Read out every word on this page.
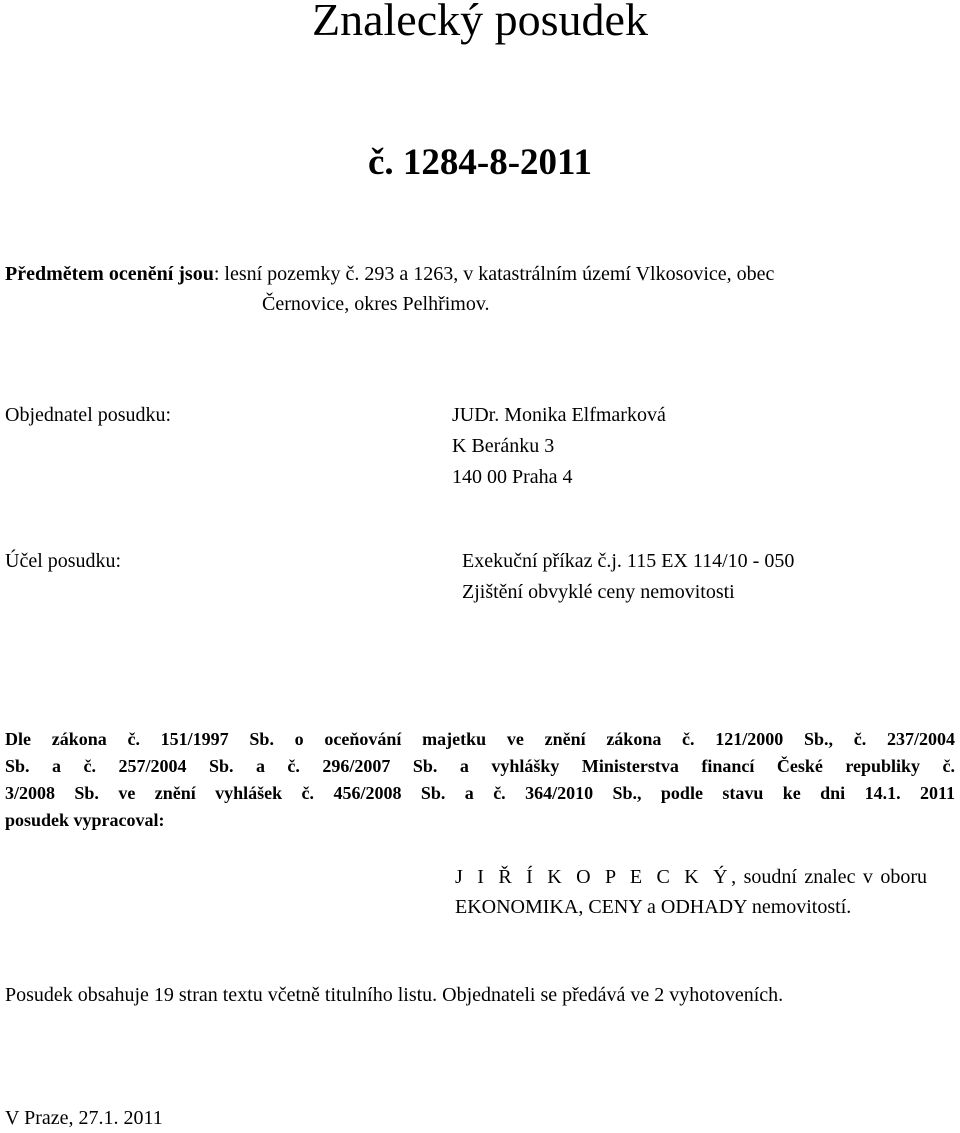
Znalecký posudek
č. 1284-8-2011
Předmětem ocenění jsou: lesní pozemky č. 293 a 1263, v katastrálním území Vlkosovice, obec
Černovice, okres Pelhřimov.
Objednatel posudku:	JUDr. Monika Elfmarková
K Beránku 3
140 00 Praha 4
Účel posudku:	Exekuční příkaz č.j. 115 EX 114/10 - 050
Zjištění obvyklé ceny nemovitosti
Dle zákona č. 151/1997 Sb. o oceňování majetku ve znění zákona č. 121/2000 Sb., č. 237/2004
Sb. a č. 257/2004 Sb. a č. 296/2007 Sb. a vyhlášky Ministerstva financí České republiky č.
3/2008 Sb. ve znění vyhlášek č. 456/2008 Sb. a č. 364/2010 Sb., podle stavu ke dni 14.1. 2011
posudek vypracoval:
J I Ř Í K O P E C K Ý, soudní znalec v oboru
EKONOMIKA, CENY a ODHADY nemovitostí.
Posudek obsahuje 19 stran textu včetně titulního listu. Objednateli se předává ve 2 vyhotoveních.
V Praze, 27.1. 2011
